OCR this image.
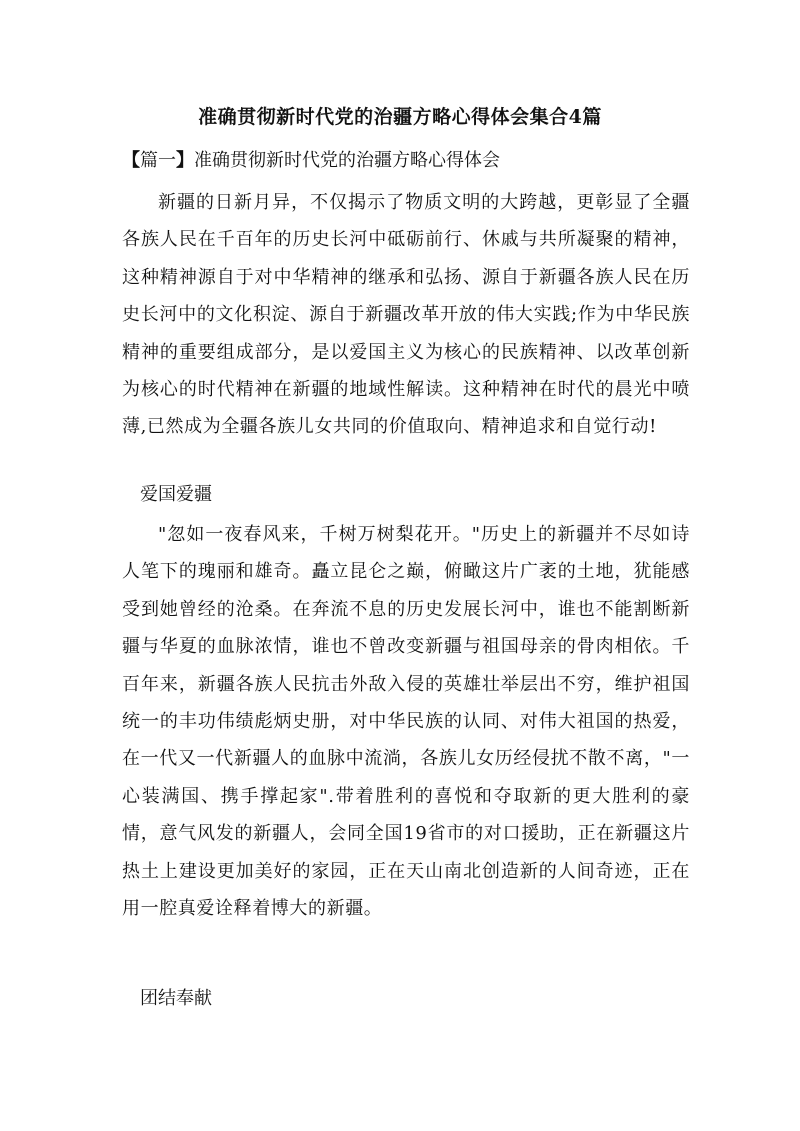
准确贯彻新时代党的治疆方略心得体会集合4篇

【篇一】准确贯彻新时代党的治疆方略心得体会

新疆的日新月异，不仅揭示了物质文明的大跨越，更彰显了全疆各族人民在千百年的历史长河中砥砺前行、休戚与共所凝聚的精神，这种精神源自于对中华精神的继承和弘扬、源自于新疆各族人民在历史长河中的文化积淀、源自于新疆改革开放的伟大实践;作为中华民族精神的重要组成部分，是以爱国主义为核心的民族精神、以改革创新为核心的时代精神在新疆的地域性解读。这种精神在时代的晨光中喷薄,已然成为全疆各族儿女共同的价值取向、精神追求和自觉行动!

爱国爱疆

"忽如一夜春风来，千树万树梨花开。"历史上的新疆并不尽如诗人笔下的瑰丽和雄奇。矗立昆仑之巅，俯瞰这片广袤的土地，犹能感受到她曾经的沧桑。在奔流不息的历史发展长河中，谁也不能割断新疆与华夏的血脉浓情，谁也不曾改变新疆与祖国母亲的骨肉相依。千百年来，新疆各族人民抗击外敌入侵的英雄壮举层出不穷，维护祖国统一的丰功伟绩彪炳史册，对中华民族的认同、对伟大祖国的热爱，在一代又一代新疆人的血脉中流淌，各族儿女历经侵扰不散不离，"一心装满国、携手撑起家".带着胜利的喜悦和夺取新的更大胜利的豪情，意气风发的新疆人，会同全国19省市的对口援助，正在新疆这片热土上建设更加美好的家园，正在天山南北创造新的人间奇迹，正在用一腔真爱诠释着博大的新疆。

团结奉献
